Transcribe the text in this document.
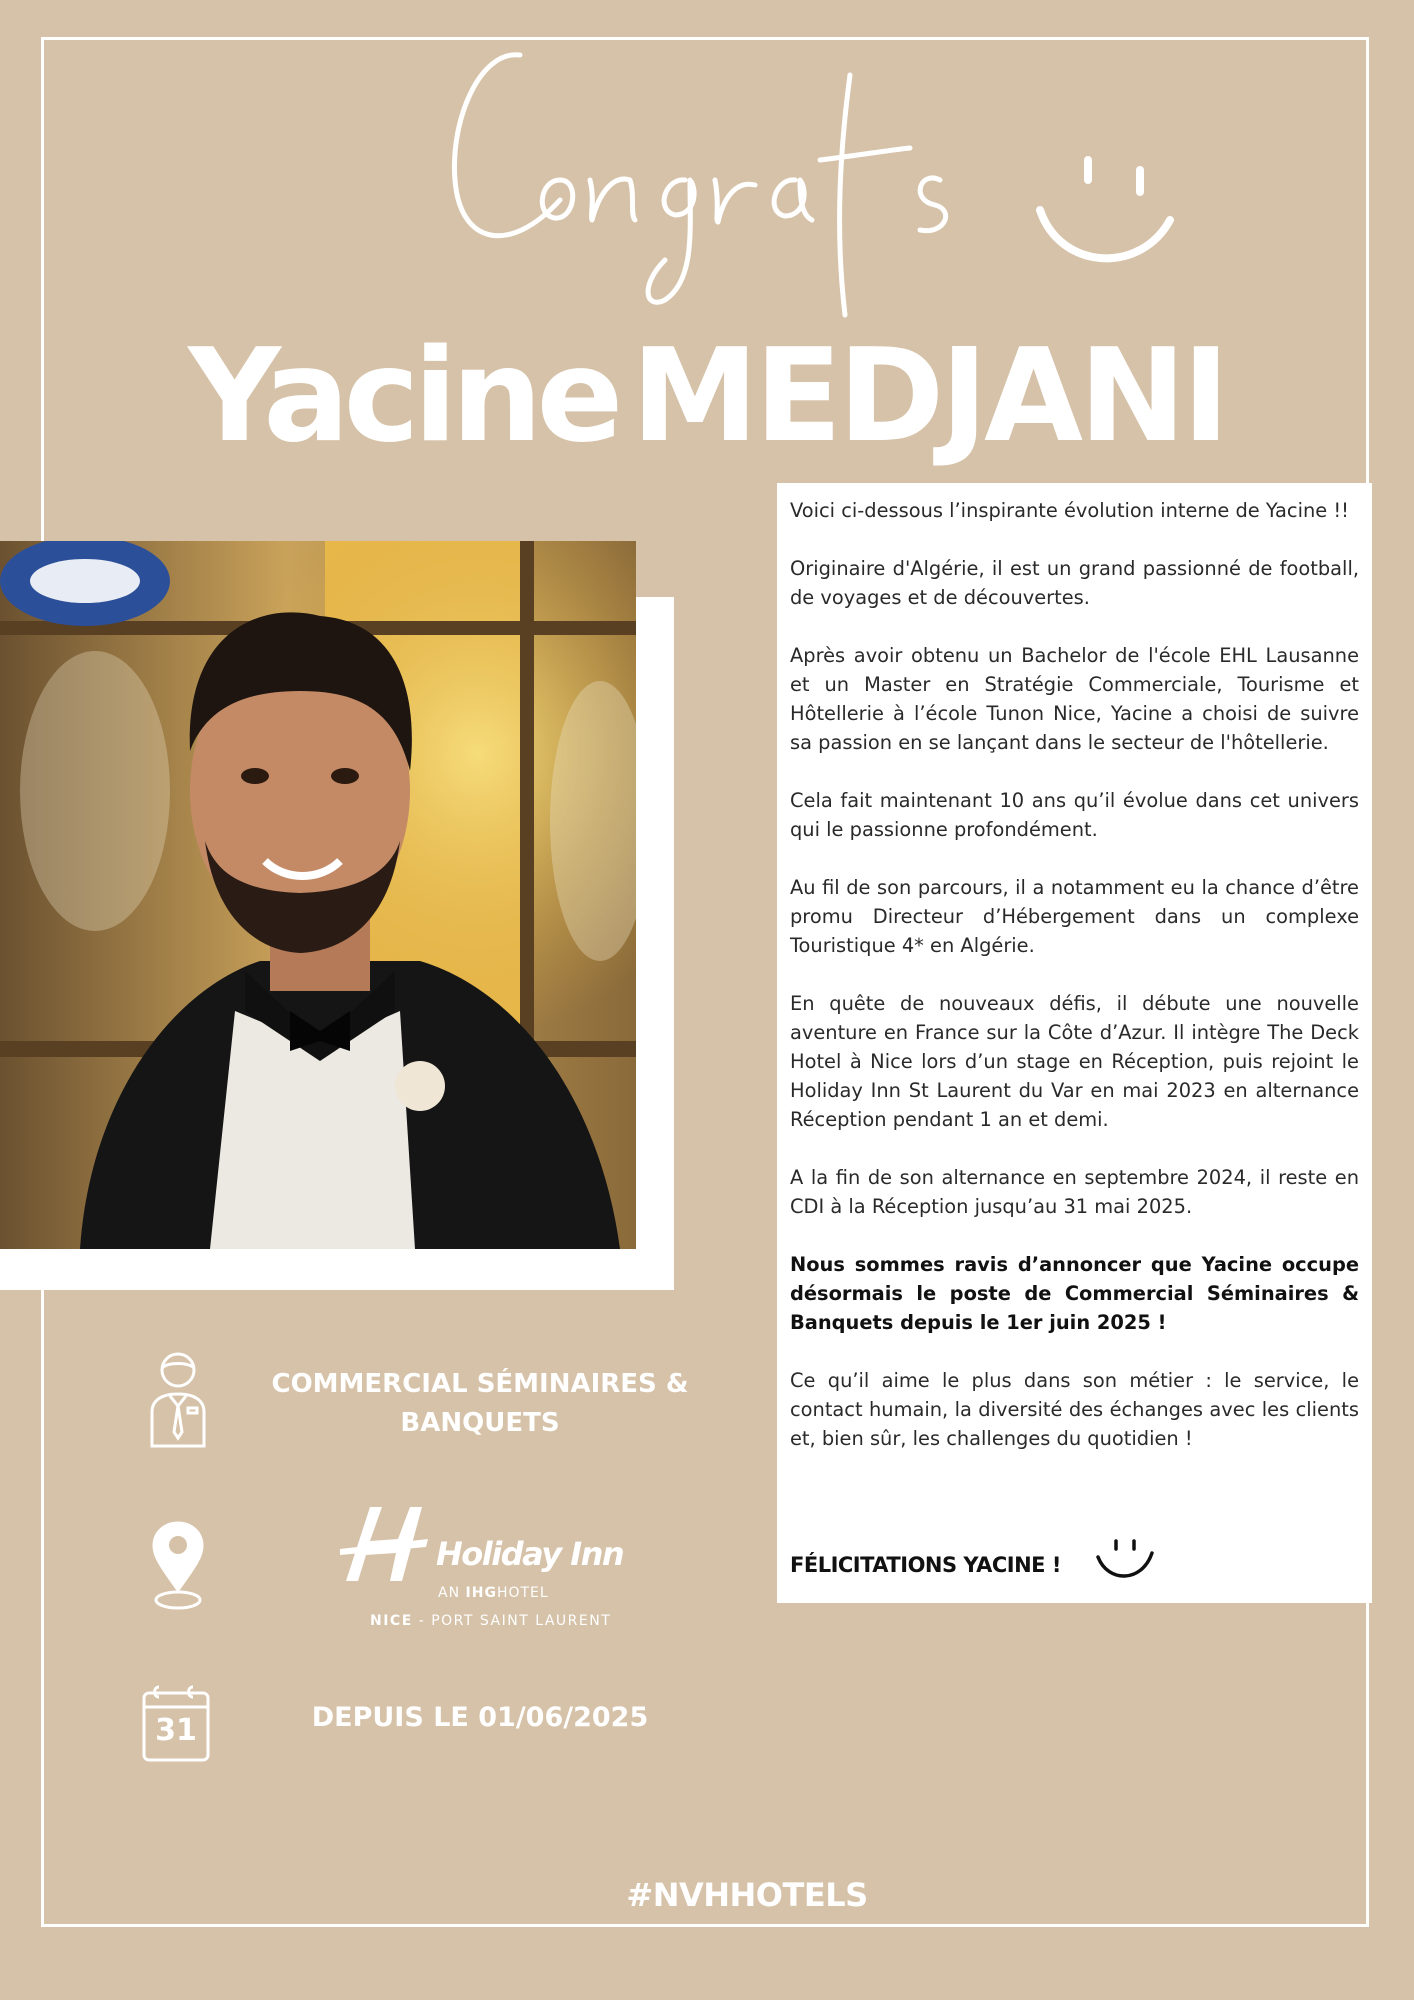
Yacine MEDJANI

Voici ci-dessous l’inspirante évolution interne de Yacine !!

Originaire d'Algérie, il est un grand passionné de football, de voyages et de découvertes.

Après avoir obtenu un Bachelor de l'école EHL Lausanne et un Master en Stratégie Commerciale, Tourisme et Hôtellerie à l’école Tunon Nice, Yacine a choisi de suivre sa passion en se lançant dans le secteur de l'hôtellerie.

Cela fait maintenant 10 ans qu’il évolue dans cet univers qui le passionne profondément.

Au fil de son parcours, il a notamment eu la chance d’être promu Directeur d’Hébergement dans un complexe Touristique 4* en Algérie.

En quête de nouveaux défis, il débute une nouvelle aventure en France sur la Côte d’Azur. Il intègre The Deck Hotel à Nice lors d’un stage en Réception, puis rejoint le Holiday Inn St Laurent du Var en mai 2023 en alternance Réception pendant 1 an et demi.

A la fin de son alternance en septembre 2024, il reste en CDI à la Réception jusqu’au 31 mai 2025.

Nous sommes ravis d’annoncer que Yacine occupe désormais le poste de Commercial Séminaires & Banquets depuis le 1er juin 2025 !

Ce qu’il aime le plus dans son métier : le service, le contact humain, la diversité des échanges avec les clients et, bien sûr, les challenges du quotidien !

FÉLICITATIONS YACINE !
COMMERCIAL SÉMINAIRES & BANQUETS
Holiday Inn
AN IHGHOTEL
NICE - PORT SAINT LAURENT
31	DEPUIS LE 01/06/2025
#NVHHOTELS
